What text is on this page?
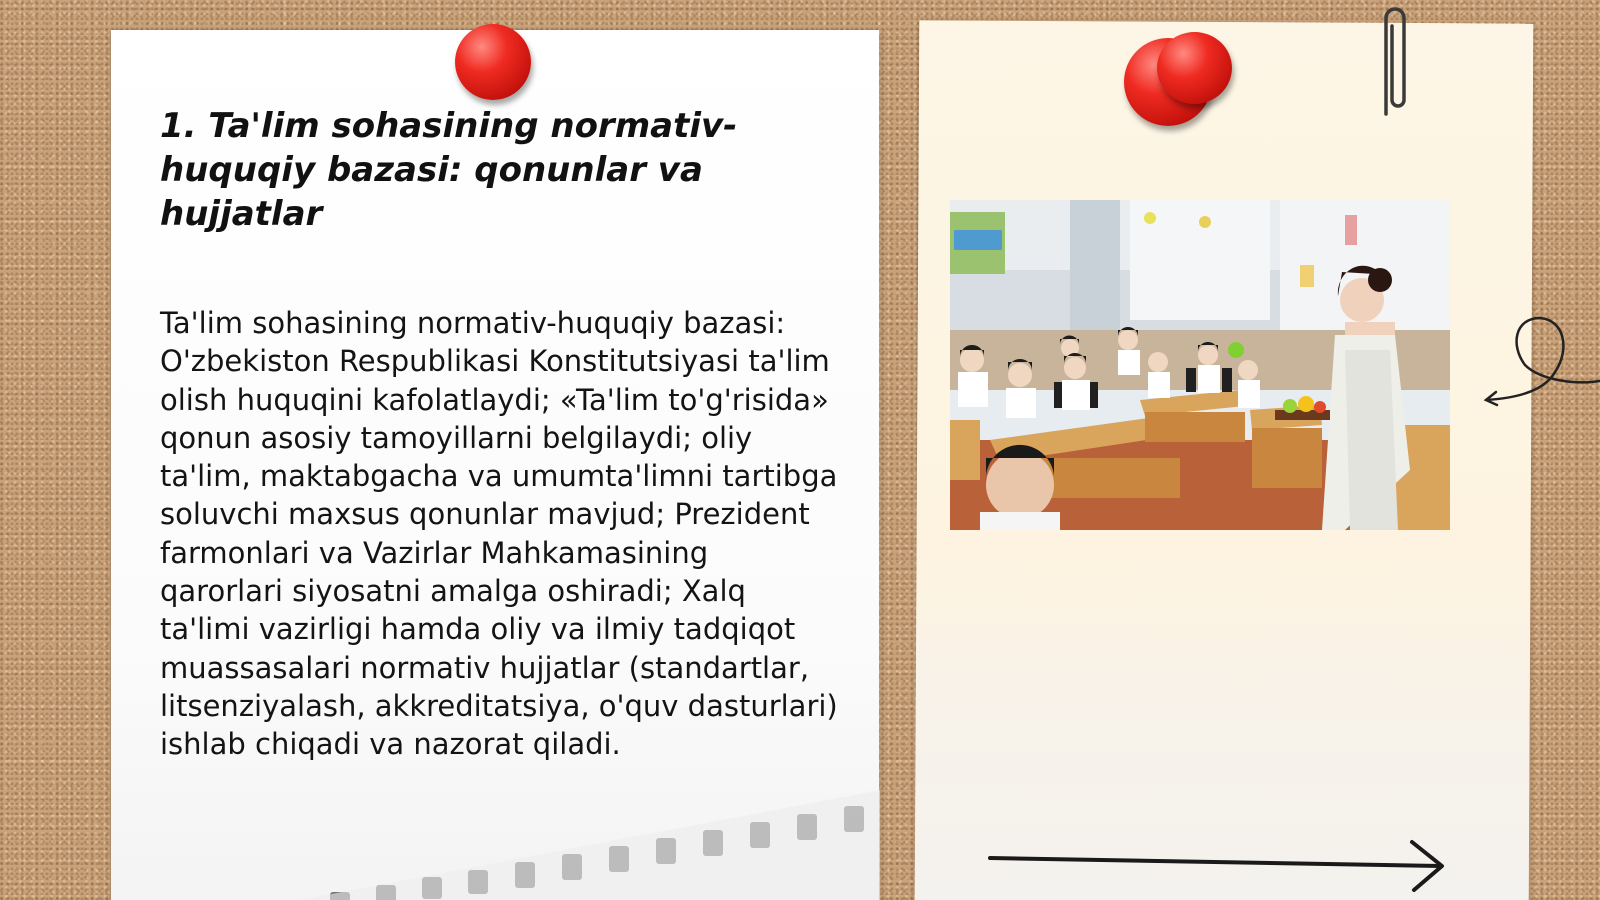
1. Ta'lim sohasining normativ-huquqiy bazasi: qonunlar va hujjatlar

Ta'lim sohasining normativ-huquqiy bazasi: O'zbekiston Respublikasi Konstitutsiyasi ta'lim olish huquqini kafolatlaydi; «Ta'lim to'g'risida» qonun asosiy tamoyillarni belgilaydi; oliy ta'lim, maktabgacha va umumta'limni tartibga soluvchi maxsus qonunlar mavjud; Prezident farmonlari va Vazirlar Mahkamasining qarorlari siyosatni amalga oshiradi; Xalq ta'limi vazirligi hamda oliy va ilmiy tadqiqot muassasalari normativ hujjatlar (standartlar, litsenziyalash, akkreditatsiya, o'quv dasturlari) ishlab chiqadi va nazorat qiladi.
